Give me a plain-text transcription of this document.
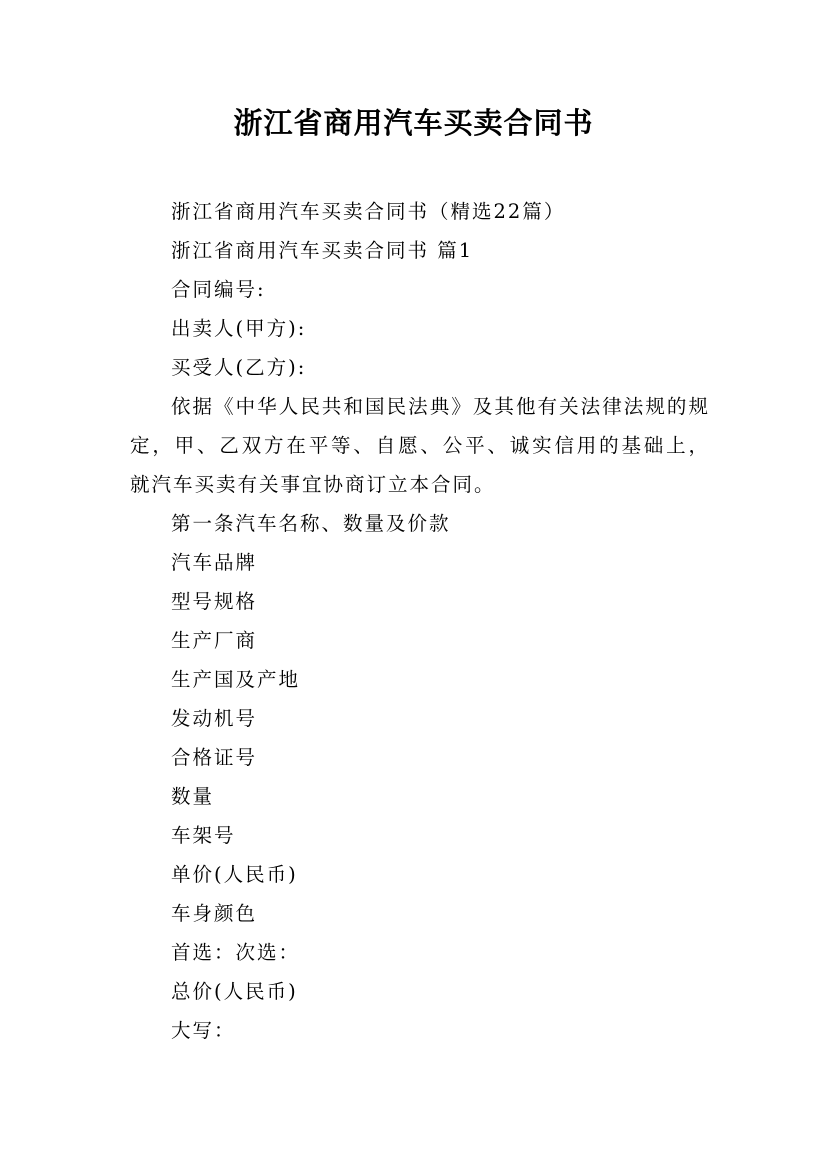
浙江省商用汽车买卖合同书

浙江省商用汽车买卖合同书（精选22篇）

浙江省商用汽车买卖合同书 篇1

合同编号:

出卖人(甲方):

买受人(乙方):

依据《中华人民共和国民法典》及其他有关法律法规的规定，甲、乙双方在平等、自愿、公平、诚实信用的基础上，就汽车买卖有关事宜协商订立本合同。

第一条汽车名称、数量及价款

汽车品牌

型号规格

生产厂商

生产国及产地

发动机号

合格证号

数量

车架号

单价(人民币)

车身颜色

首选：次选：

总价(人民币)

大写：
